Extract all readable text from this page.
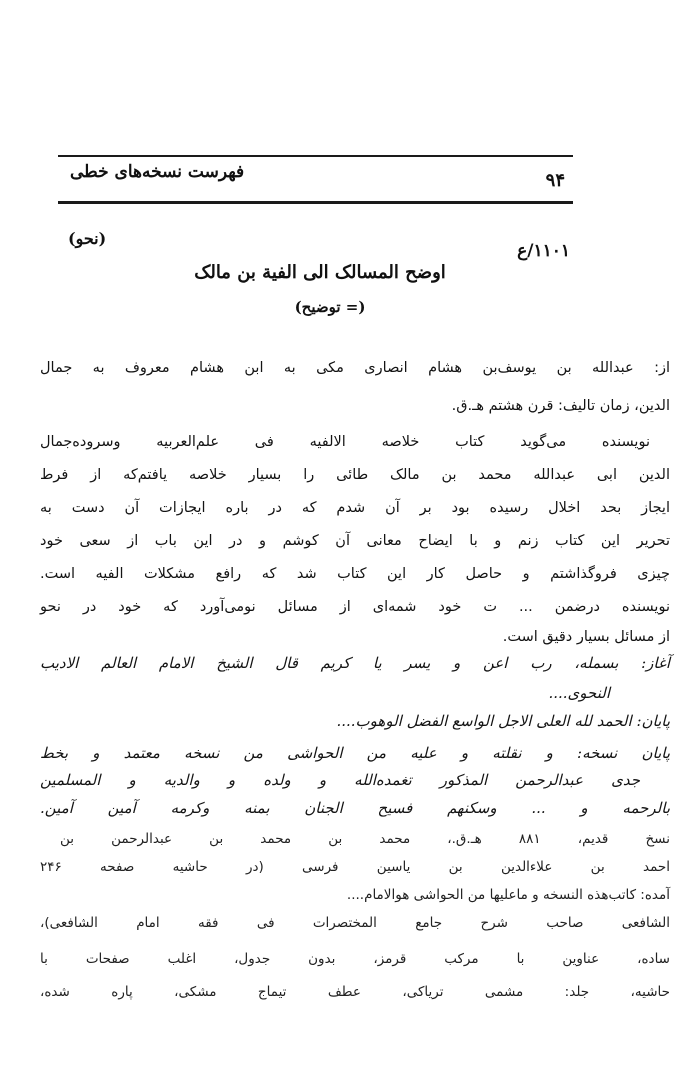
فهرست نسخه‌های خطی	۹۴
(نحو)
۱۱۰۱/ع
اوضح المسالک الی الفیة بن مالک
(= توضیح)
از: عبدالله بن یوسف‌بن هشام انصاری مکی به ابن هشام معروف به جمال
الدین، زمان تالیف: قرن هشتم هـ.ق.
نویسنده می‌گوید کتاب خلاصه الالفیه فی علم‌العربیه وسروده‌جمال
الدین ابی عبدالله محمد بن مالک طائی را بسیار خلاصه یافتم‌که از فرط
ایجاز بحد اخلال رسیده بود بر آن شدم که در باره ایجازات آن دست به
تحریر این کتاب زنم و با ایضاح معانی آن کوشم و در این باب از سعی خود
چیزی فروگذاشتم و حاصل کار این کتاب شد که رافع مشکلات الفیه است.
نویسنده درضمن ... ت خود شمه‌ای از مسائل نومی‌آورد که خود در نحو
از مسائل بسیار دقیق است.
آغاز: بسمله، رب اعن و یسر یا کریم قال الشیخ الامام العالم الادیب
النحوی....
پایان: الحمد لله العلی الاجل الواسع الفضل الوهوب....
پایان نسخه: و نقلته و علیه من الحواشی من نسخه معتمد و بخط
جدی عبدالرحمن المذکور تغمده‌الله و ولده و والدیه و المسلمین
بالرحمه و ... وسکنهم فسیح الجنان بمنه وکرمه آمین آمین.
نسخ قدیم، ۸۸۱ هـ.ق.، محمد بن محمد بن عبدالرحمن بن
احمد بن علاءالدین بن یاسین فرسی (در حاشیه صفحه‌ ۲۴۶
آمده: کاتب‌هذه النسخه و ماعلیها من الحواشی هوالامام....
الشافعی صاحب شرح جامع المختصرات فی فقه امام الشافعی)،
ساده، عناوین با مرکب قرمز، بدون جدول، اغلب صفحات با
حاشیه، جلد: مشمی تریاکی، عطف تیماج مشکی، پاره شده،
